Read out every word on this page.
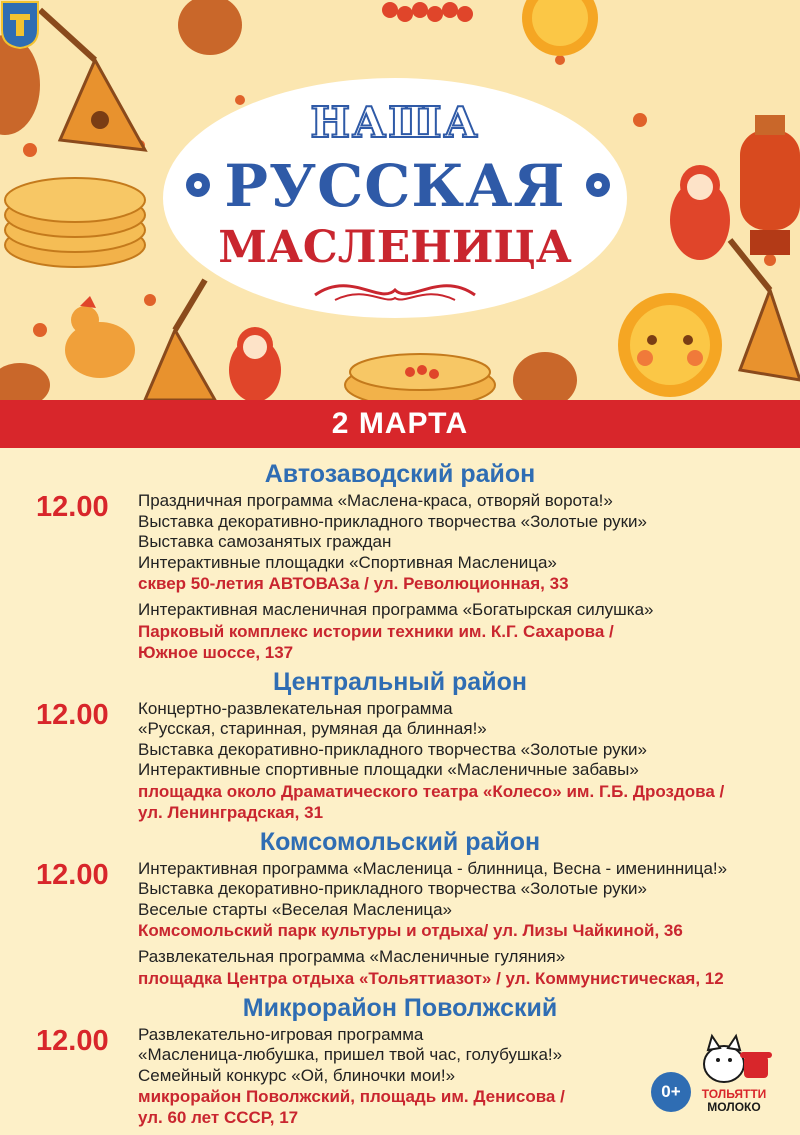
НАША
РУССКАЯ
МАСЛЕНИЦА
2 МАРТА
Автозаводский район
12.00 Праздничная программа «Маслена-краса, отворяй ворота!»
Выставка декоративно-прикладного творчества «Золотые руки»
Выставка самозанятых граждан
Интерактивные площадки «Спортивная Масленица»
сквер 50-летия АВТОВАЗа / ул. Революционная, 33
Интерактивная масленичная программа «Богатырская силушка»
Парковый комплекс истории техники им. К.Г. Сахарова /
Южное шоссе, 137
Центральный район
12.00 Концертно-развлекательная программа
«Русская, старинная, румяная да блинная!»
Выставка декоративно-прикладного творчества «Золотые руки»
Интерактивные спортивные площадки «Масленичные забавы»
площадка около Драматического театра «Колесо» им. Г.Б. Дроздова /
ул. Ленинградская, 31
Комсомольский район
12.00 Интерактивная программа «Масленица - блинница, Весна - именинница!»
Выставка декоративно-прикладного творчества «Золотые руки»
Веселые старты «Веселая Масленица»
Комсомольский парк культуры и отдыха/ ул. Лизы Чайкиной, 36
Развлекательная программа «Масленичные гуляния»
площадка Центра отдыха «Тольяттиазот» / ул. Коммунистическая, 12
Микрорайон Поволжский
12.00 Развлекательно-игровая программа
«Масленица-любушка, пришел твой час, голубушка!»
Семейный конкурс «Ой, блиночки мои!»
микрорайон Поволжский, площадь им. Денисова /
ул. 60 лет СССР, 17
0+	ТОЛЬЯТТИ
МОЛОКО
